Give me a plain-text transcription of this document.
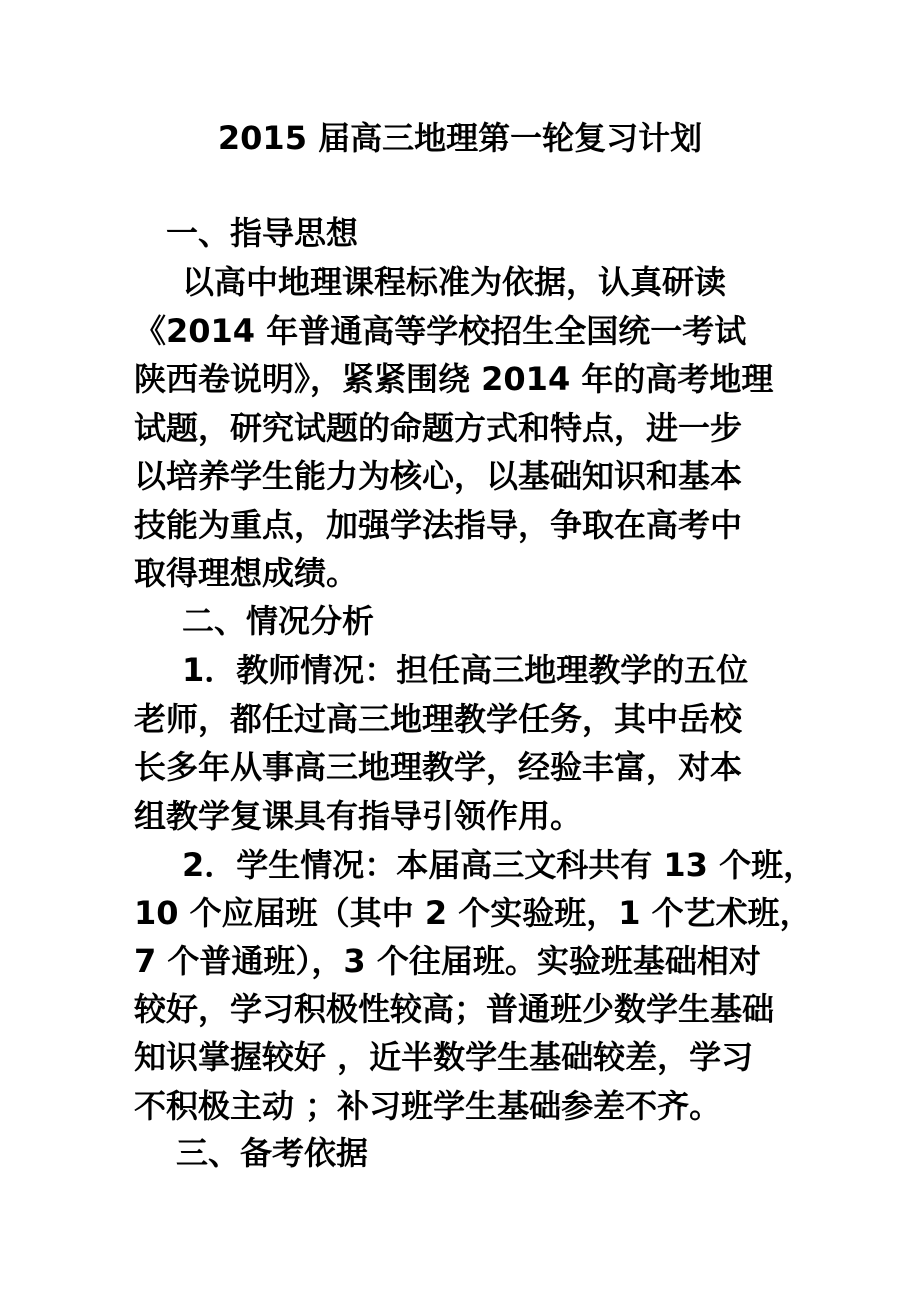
2015 届高三地理第一轮复习计划
一、指导思想
以高中地理课程标准为依据，认真研读
《2014 年普通高等学校招生全国统一考试
陕西卷说明》，紧紧围绕 2014 年的高考地理
试题，研究试题的命题方式和特点，进一步
以培养学生能力为核心，以基础知识和基本
技能为重点，加强学法指导，争取在高考中
取得理想成绩。
二、情况分析
1．教师情况：担任高三地理教学的五位
老师，都任过高三地理教学任务，其中岳校
长多年从事高三地理教学，经验丰富，对本
组教学复课具有指导引领作用。
2．学生情况：本届高三文科共有 13 个班，
10 个应届班（其中 2 个实验班，1 个艺术班，
7 个普通班），3 个往届班。实验班基础相对
较好，学习积极性较高；普通班少数学生基础
知识掌握较好 ，近半数学生基础较差，学习
不积极主动 ；补习班学生基础参差不齐。
三、备考依据
